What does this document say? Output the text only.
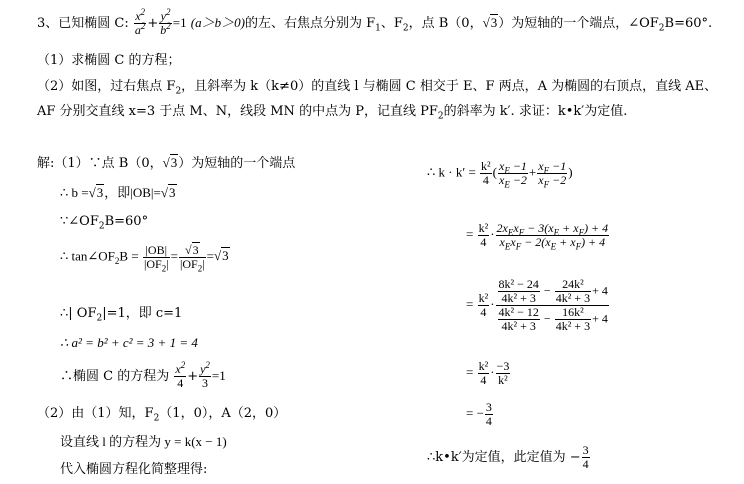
3、已知椭圆 C: $\frac{x^2}{a^2} + \frac{y^2}{b^2} =1$ (a＞b＞0)的左、右焦点分别为 $F_1$、$F_2$，点 B（0，√3）为短轴的一个端点，$\angle OF_2B=60^\circ$.
（1）求椭圆 C 的方程；
（2）如图，过右焦点 $F_2$，且斜率为 k（k≠0）的直线 l 与椭圆 C 相交于 E、F 两点，A 为椭圆的右顶点，直线 AE、
AF 分别交直线 x=3 于点 M、N，线段 MN 的中点为 P，记直线 $PF_2$的斜率为 k′. 求证：k•k′为定值.
解:（1）∵点 B（0，√3）为短轴的一个端点
∴ b =√3，即|OB|=√3
$\because\angle OF_2B=60^\circ$
∴ $\tan\angle OF_2B = \frac{|OB|}{|OF_2|} = \frac{√3}{|OF_2|} =√3$
∴| $OF_2|=1$，即 c=1
∴ a² = b² + c² = 3 + 1 = 4
∴椭圆 C 的方程为 $\frac{x^2}{4} + \frac{y^2}{3} =1$
（2）由（1）知，$F_2(1$，0），A（2，0）
设直线 l 的方程为 y = k(x − 1)
代入椭圆方程化简整理得:
∴ $k \cdot k' = \frac{\text{k²}}{4}$ ( $\frac{x_E -1}{x_E -2} + \frac{x_F -1}{x_F -2}$ )
= $\frac{\text{k²}}{4} \cdot \frac{2x_Ex_F - 3(x_E + x_F) + 4}{x_Ex_F - 2(x_E + x_F) + 4}$
= $\frac{\text{k²}}{4} \cdot \frac{\frac{\text{8k² − 24}}{\text{4k² + 3}} - \frac{\text{24k²}}{\text{4k² + 3}} + 4}{\frac{\text{4k² − 12}}{\text{4k² + 3}} - \frac{\text{16k²}}{\text{4k² + 3}} + 4}$
= $\frac{\text{k²}}{4} \cdot \frac{-3}{\text{k²}}$
= − $\frac{3}{4}$
∴k•k′为定值，此定值为 − $\frac{3}{4}$
